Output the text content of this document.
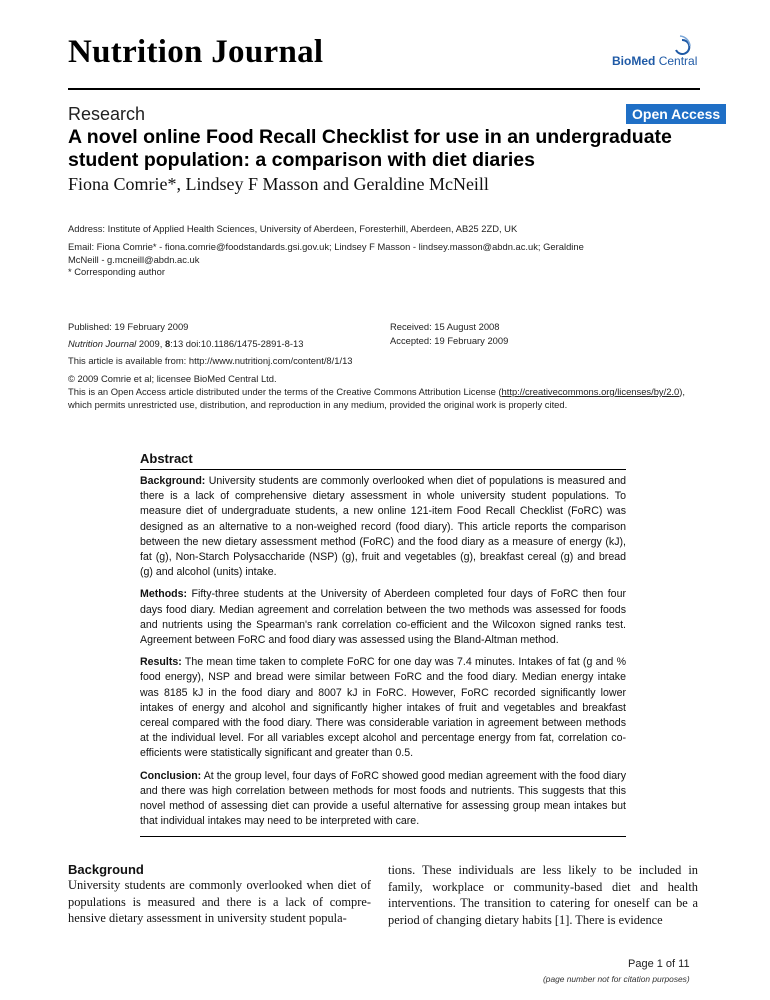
Nutrition Journal	BioMed Central
Research	Open Access
A novel online Food Recall Checklist for use in an undergraduate student population: a comparison with diet diaries
Fiona Comrie*, Lindsey F Masson and Geraldine McNeill
Address: Institute of Applied Health Sciences, University of Aberdeen, Foresterhill, Aberdeen, AB25 2ZD, UK
Email: Fiona Comrie* - fiona.comrie@foodstandards.gsi.gov.uk; Lindsey F Masson - lindsey.masson@abdn.ac.uk; Geraldine McNeill - g.mcneill@abdn.ac.uk
* Corresponding author
Published: 19 February 2009
Nutrition Journal 2009, 8:13 doi:10.1186/1475-2891-8-13
Received: 15 August 2008
Accepted: 19 February 2009
This article is available from: http://www.nutritionj.com/content/8/1/13
© 2009 Comrie et al; licensee BioMed Central Ltd.
This is an Open Access article distributed under the terms of the Creative Commons Attribution License (http://creativecommons.org/licenses/by/2.0), which permits unrestricted use, distribution, and reproduction in any medium, provided the original work is properly cited.
Abstract

Background: University students are commonly overlooked when diet of populations is measured and there is a lack of comprehensive dietary assessment in whole university student populations. To measure diet of undergraduate students, a new online 121-item Food Recall Checklist (FoRC) was designed as an alternative to a non-weighed record (food diary). This article reports the comparison between the new dietary assessment method (FoRC) and the food diary as a measure of energy (kJ), fat (g), Non-Starch Polysaccharide (NSP) (g), fruit and vegetables (g), breakfast cereal (g) and bread (g) and alcohol (units) intake.

Methods: Fifty-three students at the University of Aberdeen completed four days of FoRC then four days food diary. Median agreement and correlation between the two methods was assessed for foods and nutrients using the Spearman's rank correlation co-efficient and the Wilcoxon signed ranks test. Agreement between FoRC and food diary was assessed using the Bland-Altman method.

Results: The mean time taken to complete FoRC for one day was 7.4 minutes. Intakes of fat (g and % food energy), NSP and bread were similar between FoRC and the food diary. Median energy intake was 8185 kJ in the food diary and 8007 kJ in FoRC. However, FoRC recorded significantly lower intakes of energy and alcohol and significantly higher intakes of fruit and vegetables and breakfast cereal compared with the food diary. There was considerable variation in agreement between methods at the individual level. For all variables except alcohol and percentage energy from fat, correlation co-efficients were statistically significant and greater than 0.5.

Conclusion: At the group level, four days of FoRC showed good median agreement with the food diary and there was high correlation between methods for most foods and nutrients. This suggests that this novel method of assessing diet can provide a useful alternative for assessing group mean intakes but that individual intakes may need to be interpreted with care.

Background

University students are commonly overlooked when diet of populations is measured and there is a lack of compre-hensive dietary assessment in university student popula-

tions. These individuals are less likely to be included in family, workplace or community-based diet and health interventions. The transition to catering for oneself can be a period of changing dietary habits [1]. There is evidence

Page 1 of 11
(page number not for citation purposes)
